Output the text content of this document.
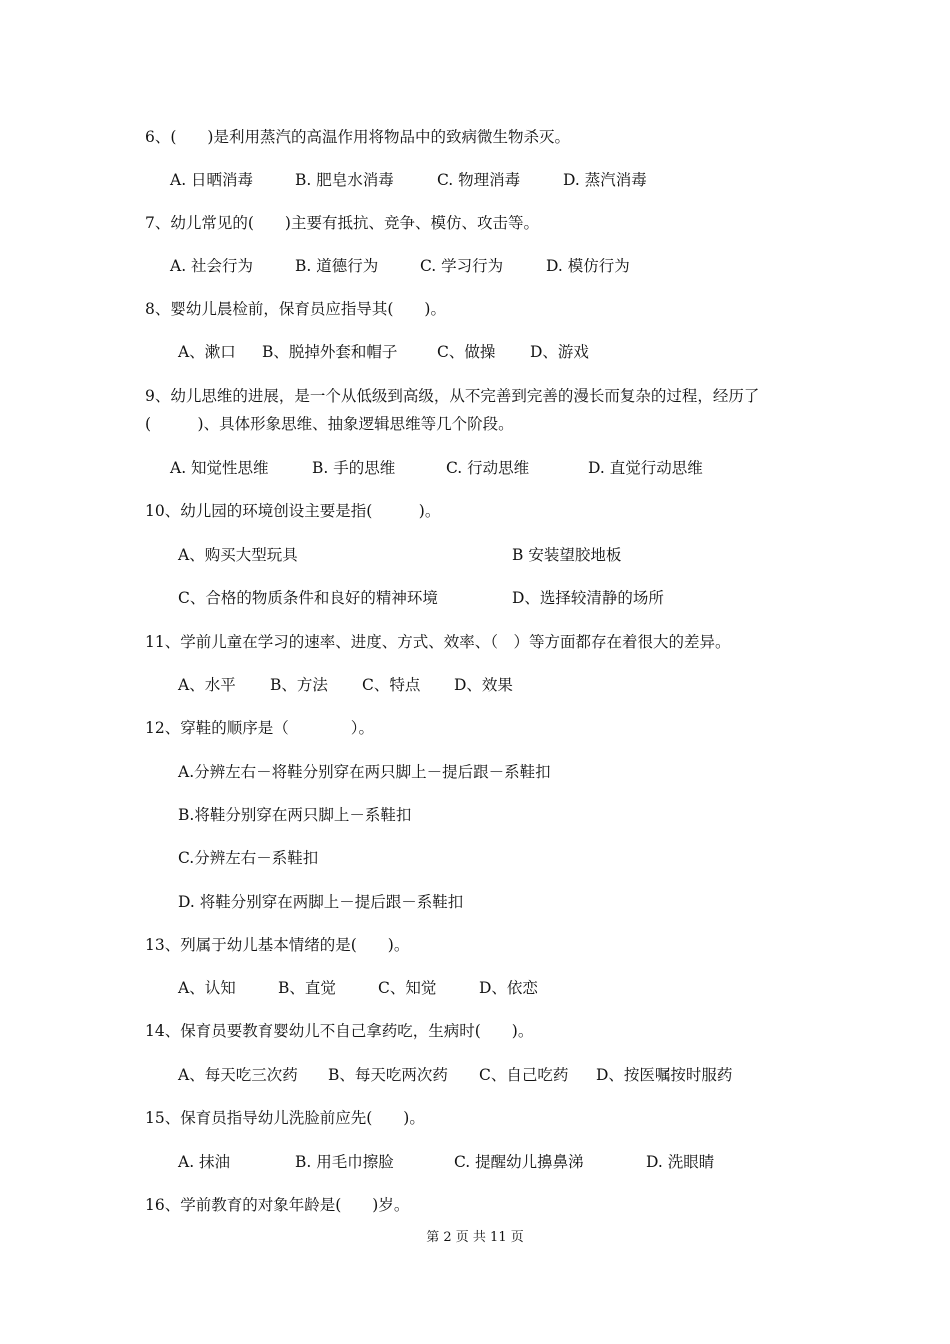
6、(　　)是利用蒸汽的高温作用将物品中的致病微生物杀灭。
A. 日晒消毒	B. 肥皂水消毒	C. 物理消毒	D. 蒸汽消毒
7、幼儿常见的(　　)主要有抵抗、竞争、模仿、攻击等。
A. 社会行为	B. 道德行为	C. 学习行为	D. 模仿行为
8、婴幼儿晨检前，保育员应指导其(　　)。
A、漱口 B、脱掉外套和帽子	C、做操 D、游戏
9、幼儿思维的进展，是一个从低级到高级，从不完善到完善的漫长而复杂的过程，经历了
(　　　)、具体形象思维、抽象逻辑思维等几个阶段。
A. 知觉性思维	B. 手的思维	C. 行动思维	D. 直觉行动思维
10、幼儿园的环境创设主要是指(　　　)。
A、购买大型玩具	B 安装望胶地板
C、合格的物质条件和良好的精神环境	D、选择较清静的场所
11、学前儿童在学习的速率、进度、方式、效率、（　）等方面都存在着很大的差异。
A、水平 B、方法 C、特点 D、效果
12、穿鞋的顺序是（　　　　）。
A.分辨左右－将鞋分别穿在两只脚上－提后跟－系鞋扣
B.将鞋分别穿在两只脚上－系鞋扣
C.分辨左右－系鞋扣
D. 将鞋分别穿在两脚上－提后跟－系鞋扣
13、列属于幼儿基本情绪的是(　　)。
A、认知	B、直觉	C、知觉	D、依恋
14、保育员要教育婴幼儿不自己拿药吃，生病时(　　)。
A、每天吃三次药 B、每天吃两次药 C、自己吃药 D、按医嘱按时服药
15、保育员指导幼儿洗脸前应先(　　)。
A. 抹油	B. 用毛巾擦脸	C. 提醒幼儿擤鼻涕	D. 洗眼睛
16、学前教育的对象年龄是(　　)岁。
第 2 页 共 11 页
